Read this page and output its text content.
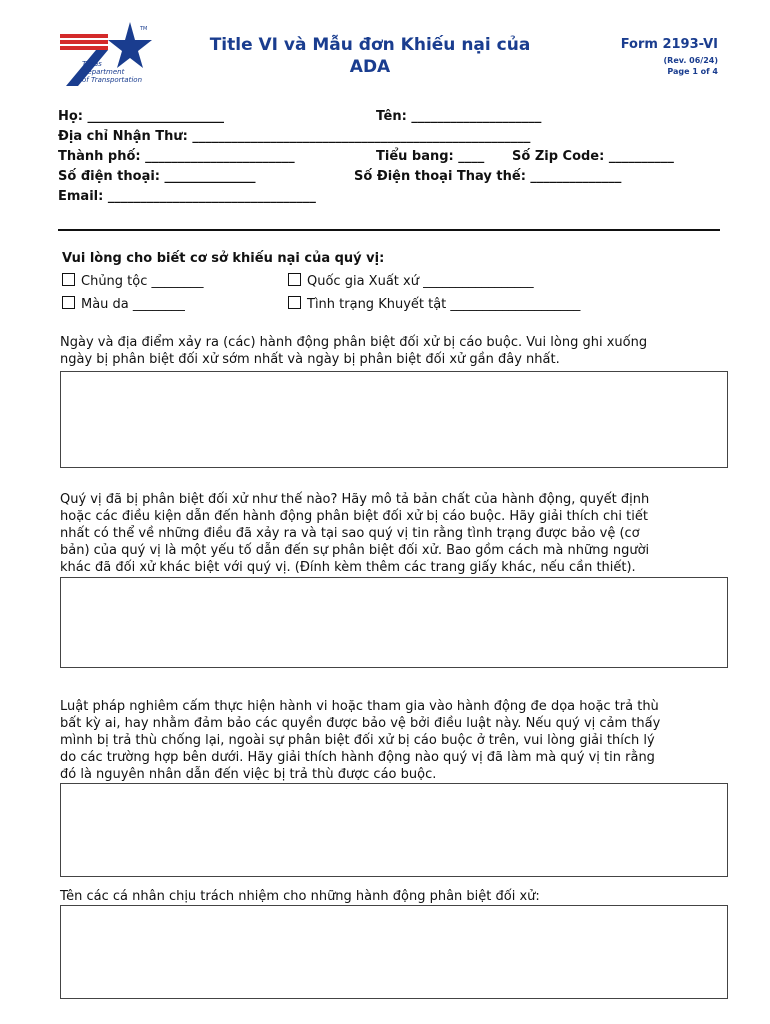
TM
Texas
Department
of Transportation
Title VI và Mẫu đơn Khiếu nại của
ADA
Form 2193-VI
(Rev. 06/24)
Page 1 of 4
Họ: _____________________	Tên: ____________________
Địa chỉ Nhận Thư: ____________________________________________________
Thành phố: _______________________	Tiểu bang: ____ Số Zip Code: __________
Số điện thoại: ______________	Số Điện thoại Thay thế: ______________
Email: ________________________________
Vui lòng cho biết cơ sở khiếu nại của quý vị:
Chủng tộc ________	Quốc gia Xuất xứ _________________
Màu da ________	Tình trạng Khuyết tật ____________________
Ngày và địa điểm xảy ra (các) hành động phân biệt đối xử bị cáo buộc. Vui lòng ghi xuống
ngày bị phân biệt đối xử sớm nhất và ngày bị phân biệt đối xử gần đây nhất.
Quý vị đã bị phân biệt đối xử như thế nào? Hãy mô tả bản chất của hành động, quyết định
hoặc các điều kiện dẫn đến hành động phân biệt đối xử bị cáo buộc. Hãy giải thích chi tiết
nhất có thể về những điều đã xảy ra và tại sao quý vị tin rằng tình trạng được bảo vệ (cơ
bản) của quý vị là một yếu tố dẫn đến sự phân biệt đối xử. Bao gồm cách mà những người
khác đã đối xử khác biệt với quý vị. (Đính kèm thêm các trang giấy khác, nếu cần thiết).
Luật pháp nghiêm cấm thực hiện hành vi hoặc tham gia vào hành động đe dọa hoặc trả thù
bất kỳ ai, hay nhằm đảm bảo các quyền được bảo vệ bởi điều luật này. Nếu quý vị cảm thấy
mình bị trả thù chống lại, ngoài sự phân biệt đối xử bị cáo buộc ở trên, vui lòng giải thích lý
do các trường hợp bên dưới. Hãy giải thích hành động nào quý vị đã làm mà quý vị tin rằng
đó là nguyên nhân dẫn đến việc bị trả thù được cáo buộc.
Tên các cá nhân chịu trách nhiệm cho những hành động phân biệt đối xử:
